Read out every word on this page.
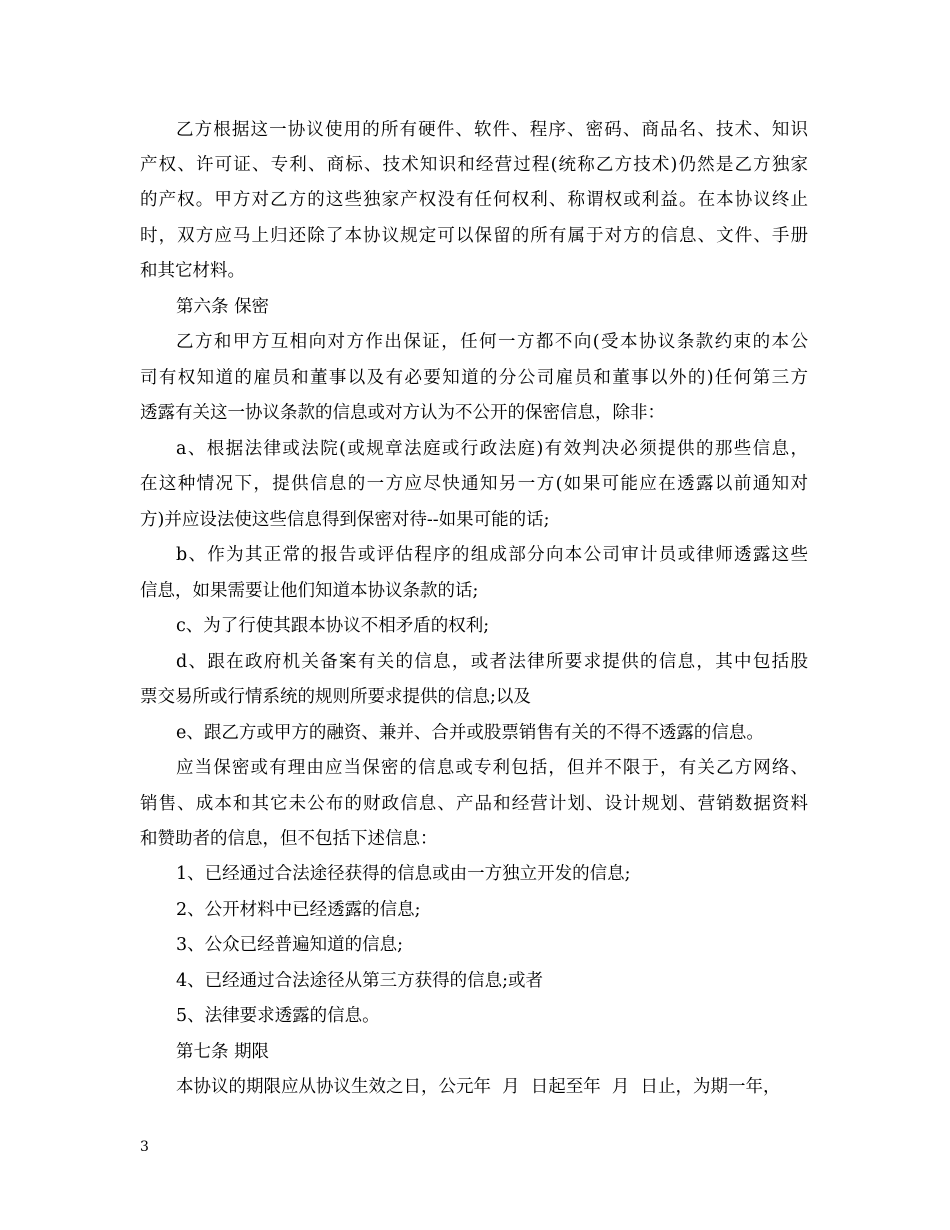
乙方根据这一协议使用的所有硬件、软件、程序、密码、商品名、技术、知识
产权、许可证、专利、商标、技术知识和经营过程(统称乙方技术)仍然是乙方独家
的产权。甲方对乙方的这些独家产权没有任何权利、称谓权或利益。在本协议终止
时，双方应马上归还除了本协议规定可以保留的所有属于对方的信息、文件、手册
和其它材料。
第六条 保密
乙方和甲方互相向对方作出保证，任何一方都不向(受本协议条款约束的本公
司有权知道的雇员和董事以及有必要知道的分公司雇员和董事以外的)任何第三方
透露有关这一协议条款的信息或对方认为不公开的保密信息，除非：
a、根据法律或法院(或规章法庭或行政法庭)有效判决必须提供的那些信息，
在这种情况下，提供信息的一方应尽快通知另一方(如果可能应在透露以前通知对
方)并应设法使这些信息得到保密对待--如果可能的话;
b、作为其正常的报告或评估程序的组成部分向本公司审计员或律师透露这些
信息，如果需要让他们知道本协议条款的话;
c、为了行使其跟本协议不相矛盾的权利;
d、跟在政府机关备案有关的信息，或者法律所要求提供的信息，其中包括股
票交易所或行情系统的规则所要求提供的信息;以及
e、跟乙方或甲方的融资、兼并、合并或股票销售有关的不得不透露的信息。
应当保密或有理由应当保密的信息或专利包括，但并不限于，有关乙方网络、
销售、成本和其它未公布的财政信息、产品和经营计划、设计规划、营销数据资料
和赞助者的信息，但不包括下述信息：
1、已经通过合法途径获得的信息或由一方独立开发的信息;
2、公开材料中已经透露的信息;
3、公众已经普遍知道的信息;
4、已经通过合法途径从第三方获得的信息;或者
5、法律要求透露的信息。
第七条 期限
本协议的期限应从协议生效之日，公元年  月  日起至年  月  日止，为期一年，
3
